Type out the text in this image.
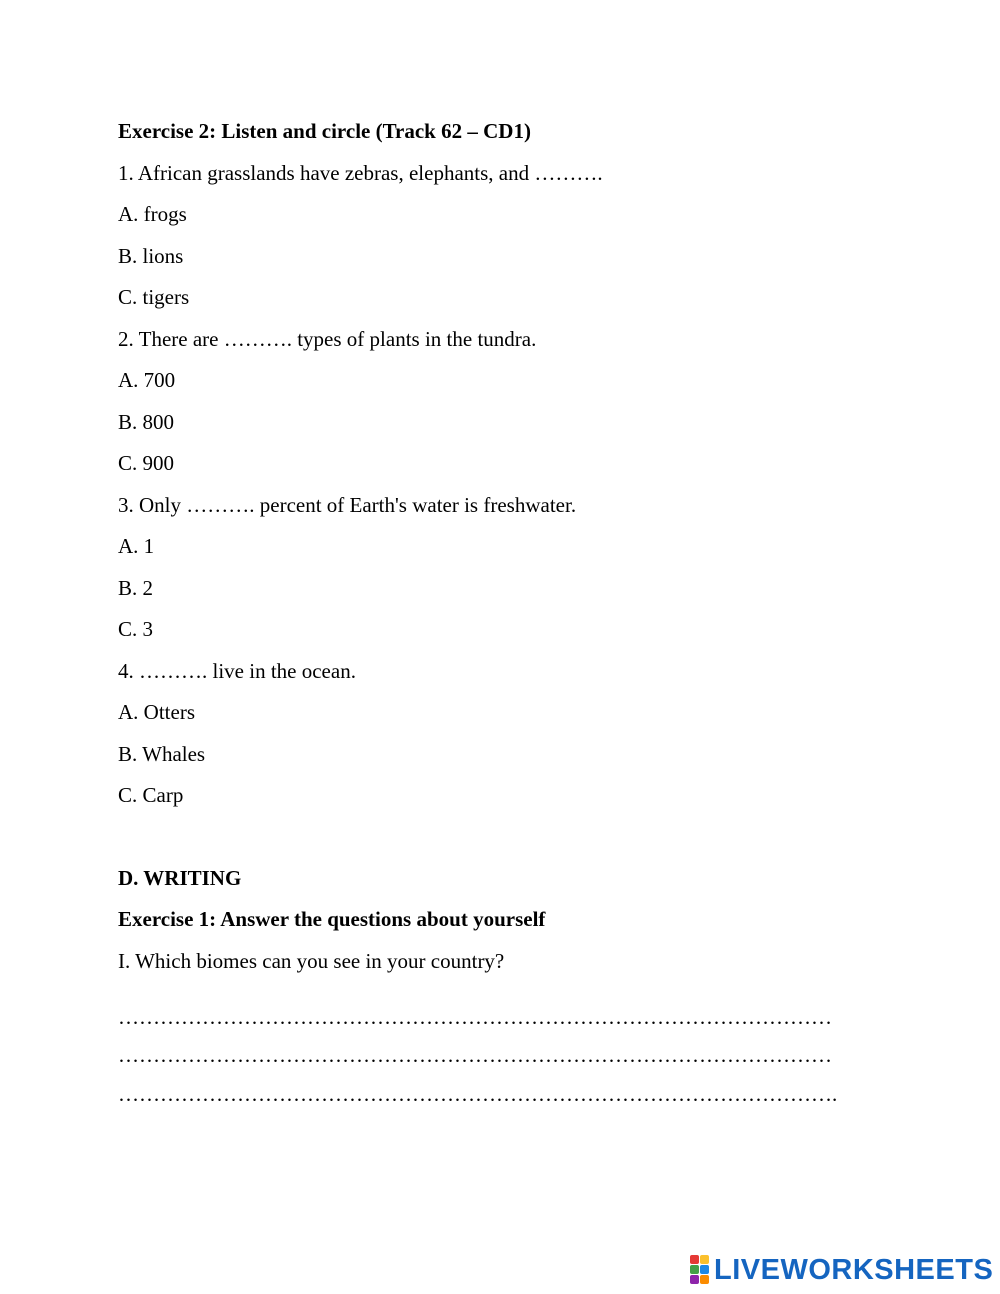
Exercise 2: Listen and circle (Track 62 – CD1)
1. African grasslands have zebras, elephants, and ……….
A. frogs
B. lions
C. tigers
2. There are ………. types of plants in the tundra.
A. 700
B. 800
C. 900
3. Only ………. percent of Earth's water is freshwater.
A. 1
B. 2
C. 3
4. ………. live in the ocean.
A. Otters
B. Whales
C. Carp
D. WRITING
Exercise 1: Answer the questions about yourself
I. Which biomes can you see in your country?
…………………………………………………………………………………………
…………………………………………………………………………………………
………………………………………………………………………………………….
LIVEWORKSHEETS
